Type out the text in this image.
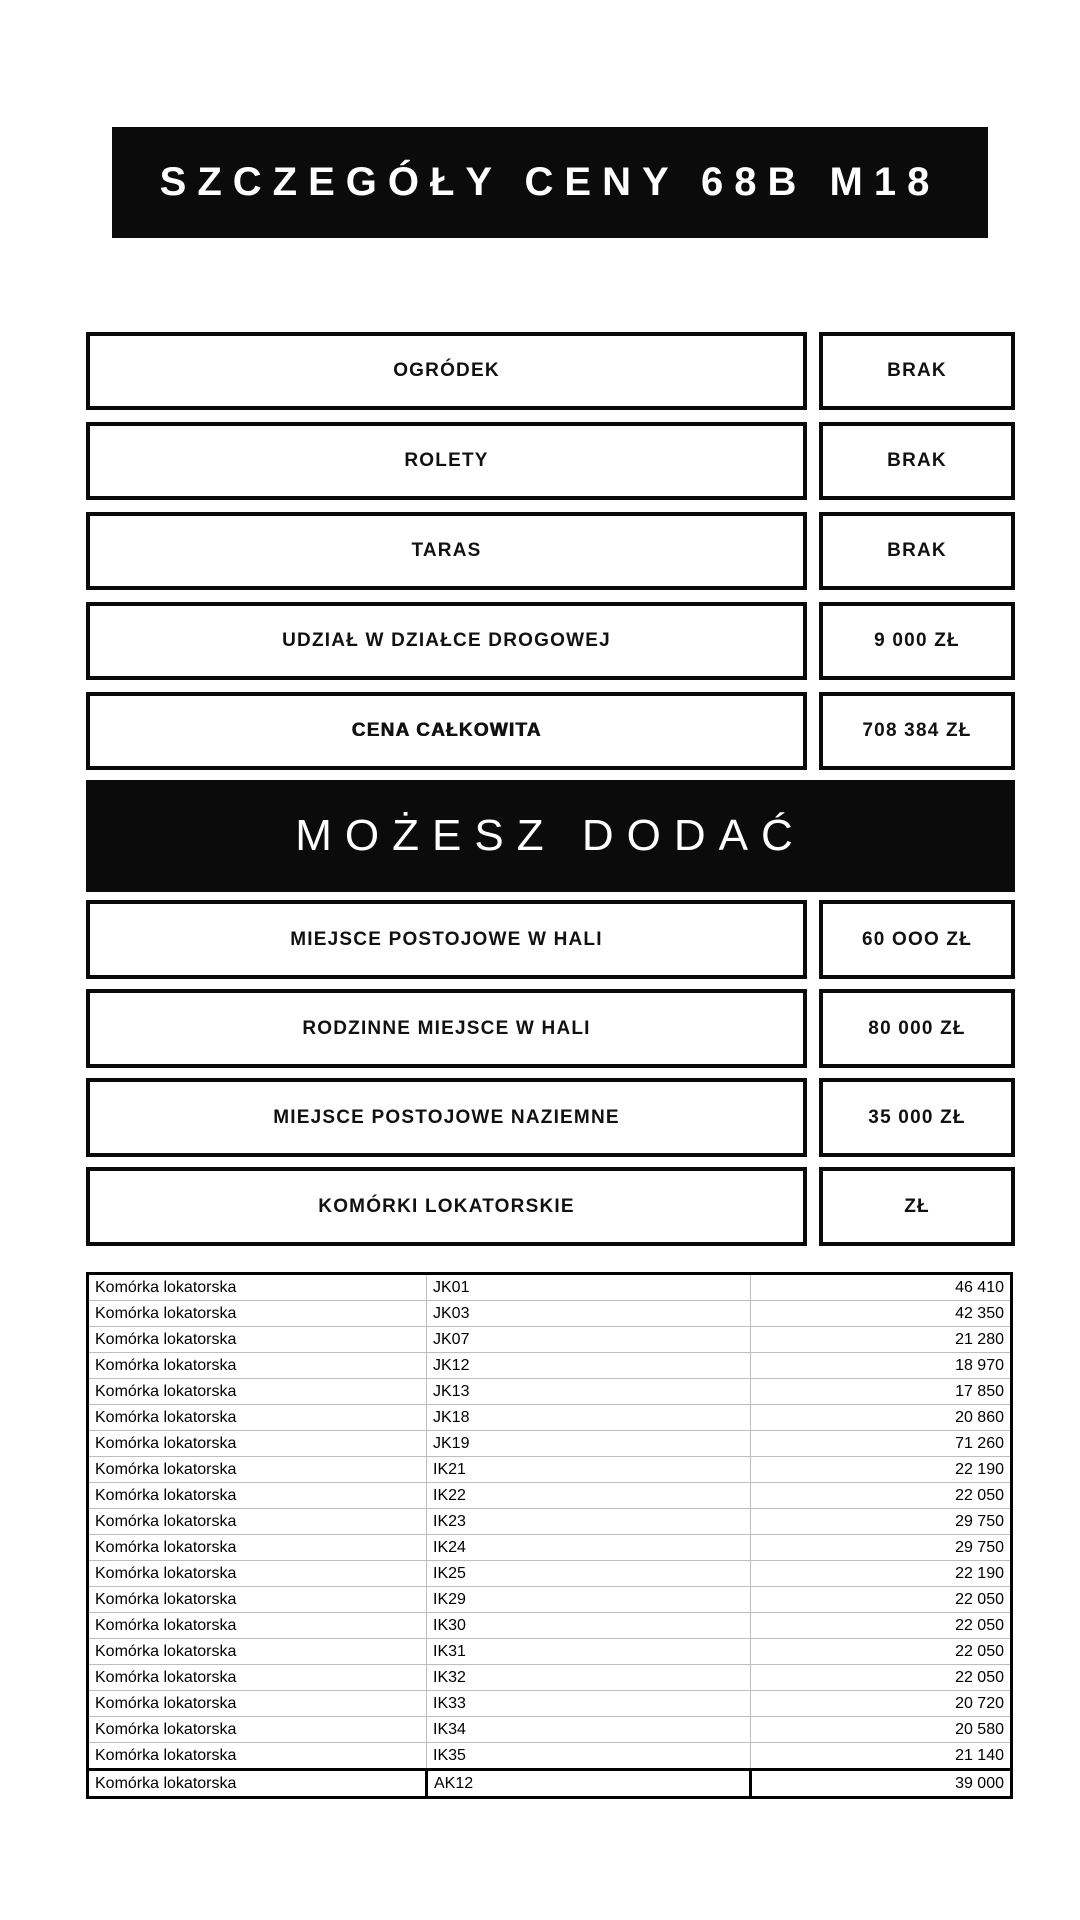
SZCZEGÓŁY CENY 68B M18
OGRÓDEK	BRAK
ROLETY	BRAK
TARAS	BRAK
UDZIAŁ W DZIAŁCE DROGOWEJ	9 000 ZŁ
CENA CAŁKOWITA	708 384 ZŁ
MOŻESZ DODAĆ
MIEJSCE POSTOJOWE W HALI	60 OOO ZŁ
RODZINNE MIEJSCE W HALI	80 000 ZŁ
MIEJSCE POSTOJOWE NAZIEMNE	35 000 ZŁ
KOMÓRKI LOKATORSKIE	ZŁ
Komórka lokatorska	JK01	46 410
Komórka lokatorska	JK03	42 350
Komórka lokatorska	JK07	21 280
Komórka lokatorska	JK12	18 970
Komórka lokatorska	JK13	17 850
Komórka lokatorska	JK18	20 860
Komórka lokatorska	JK19	71 260
Komórka lokatorska	IK21	22 190
Komórka lokatorska	IK22	22 050
Komórka lokatorska	IK23	29 750
Komórka lokatorska	IK24	29 750
Komórka lokatorska	IK25	22 190
Komórka lokatorska	IK29	22 050
Komórka lokatorska	IK30	22 050
Komórka lokatorska	IK31	22 050
Komórka lokatorska	IK32	22 050
Komórka lokatorska	IK33	20 720
Komórka lokatorska	IK34	20 580
Komórka lokatorska	IK35	21 140
Komórka lokatorska	AK12	39 000
